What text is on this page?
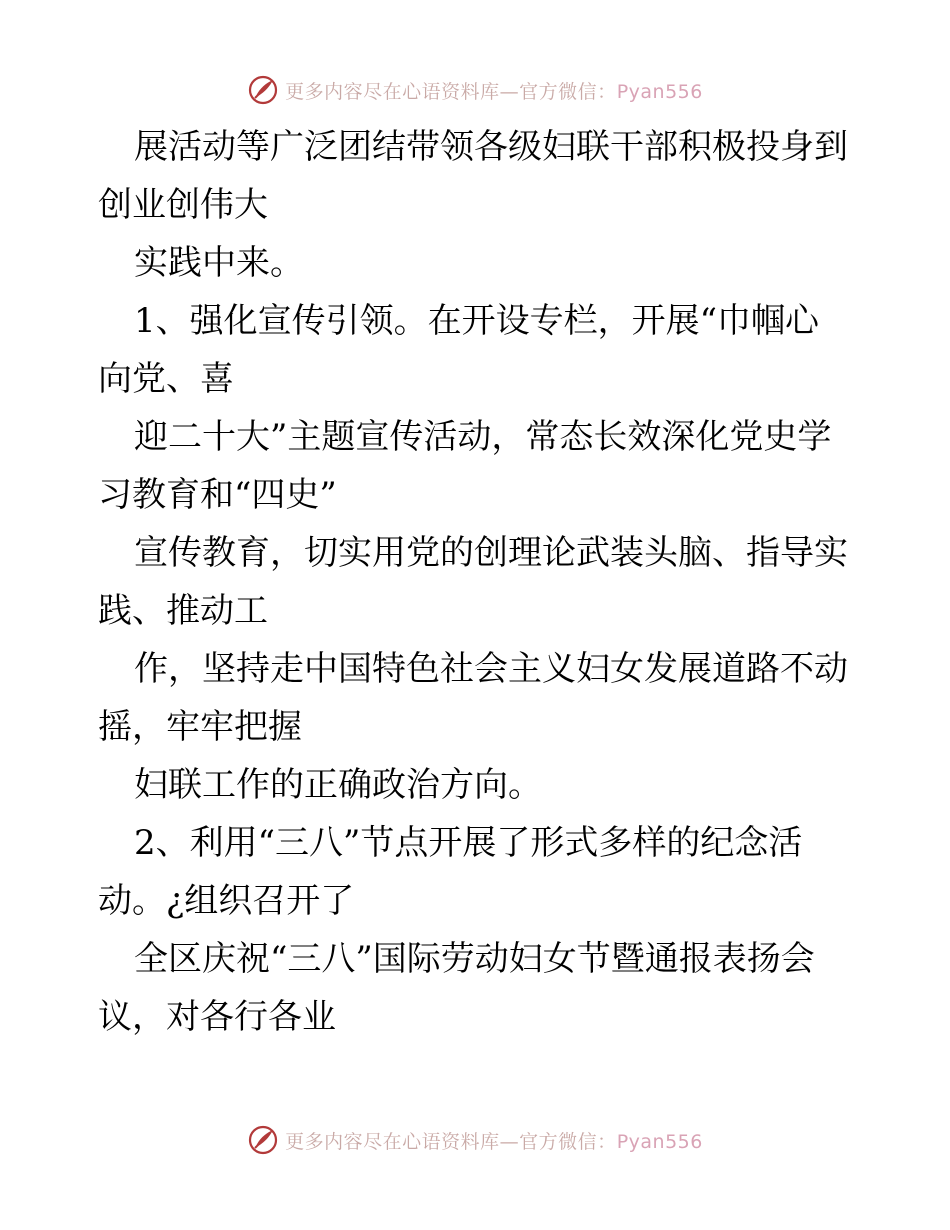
更多内容尽在心语资料库—官方微信：Pyan556
展活动等广泛团结带领各级妇联干部积极投身到
创业创伟大
实践中来。
1、强化宣传引领。在开设专栏，开展“巾帼心
向党、喜
迎二十大”主题宣传活动，常态长效深化党史学
习教育和“四史”
宣传教育，切实用党的创理论武装头脑、指导实
践、推动工
作，坚持走中国特色社会主义妇女发展道路不动
摇，牢牢把握
妇联工作的正确政治方向。
2、利用“三八”节点开展了形式多样的纪念活
动。¿组织召开了
全区庆祝“三八”国际劳动妇女节暨通报表扬会
议，对各行各业
更多内容尽在心语资料库—官方微信：Pyan556
